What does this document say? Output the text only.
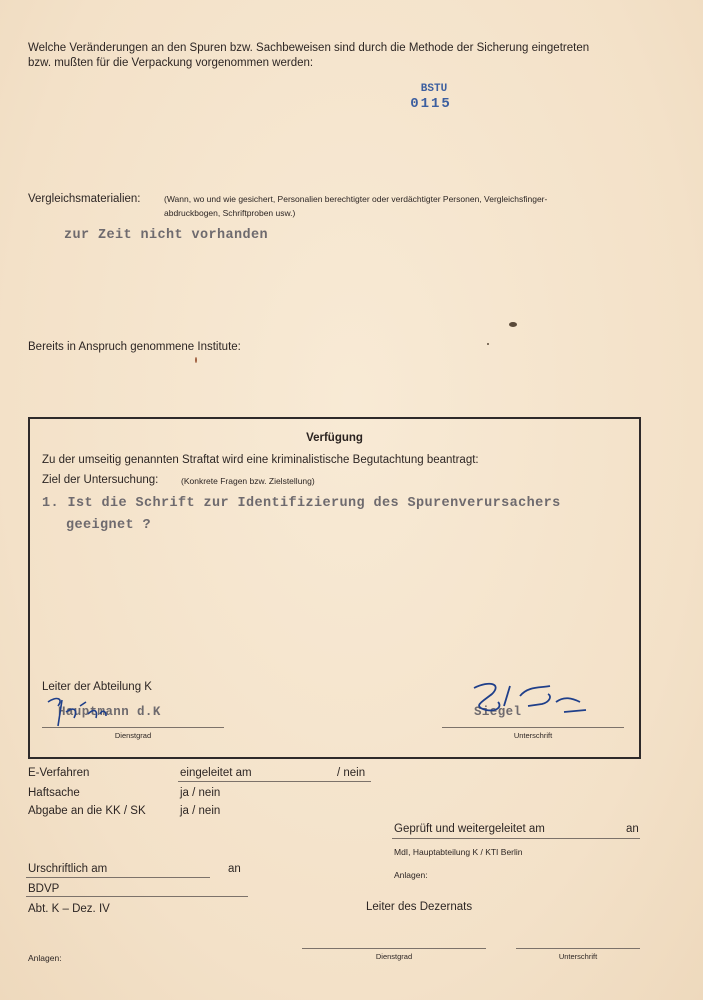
Welche Veränderungen an den Spuren bzw. Sachbeweisen sind durch die Methode der Sicherung eingetreten
bzw. mußten für die Verpackung vorgenommen werden:
BSTU
0115
Vergleichsmaterialien:	(Wann, wo und wie gesichert, Personalien berechtigter oder verdächtigter Personen, Vergleichsfinger-
abdruckbogen, Schriftproben usw.)
zur Zeit nicht vorhanden
Bereits in Anspruch genommene Institute:
Verfügung
Zu der umseitig genannten Straftat wird eine kriminalistische Begutachtung beantragt:
Ziel der Untersuchung:	(Konkrete Fragen bzw. Zielstellung)
1. Ist die Schrift zur Identifizierung des Spurenverursachers
geeignet ?
Leiter der Abteilung K
Hauptmann d.K	Siegel
Dienstgrad	Unterschrift
E-Verfahren	eingeleitet am	/ nein
Haftsache	ja / nein
Abgabe an die KK / SK	ja / nein
Geprüft und weitergeleitet am	an
MdI, Hauptabteilung K / KTI Berlin
Anlagen:
Urschriftlich am	an
BDVP
Abt. K – Dez. IV	Leiter des Dezernats
Anlagen:	Dienstgrad	Unterschrift
